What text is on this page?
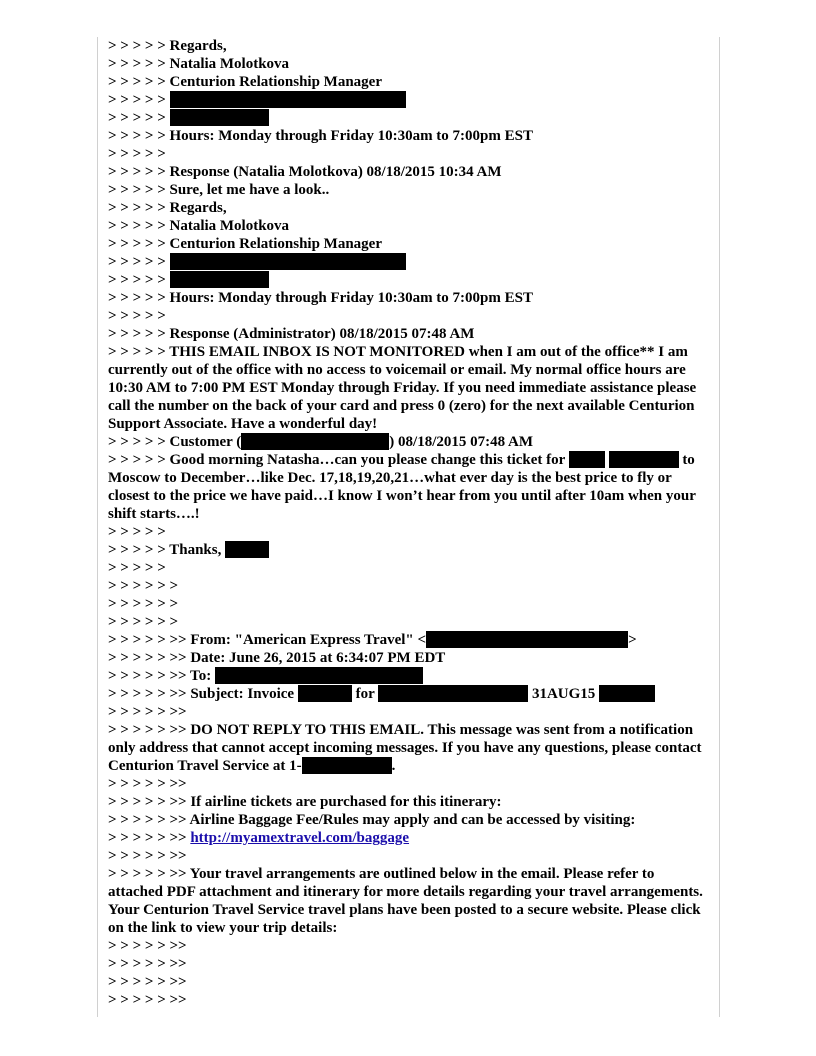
> > > > > Regards,
> > > > > Natalia Molotkova
> > > > > Centurion Relationship Manager
> > > > >
> > > > >
> > > > > Hours: Monday through Friday 10:30am to 7:00pm EST
> > > > >
> > > > > Response (Natalia Molotkova) 08/18/2015 10:34 AM
> > > > > Sure, let me have a look..
> > > > > Regards,
> > > > > Natalia Molotkova
> > > > > Centurion Relationship Manager
> > > > >
> > > > >
> > > > > Hours: Monday through Friday 10:30am to 7:00pm EST
> > > > >
> > > > > Response (Administrator) 08/18/2015 07:48 AM
> > > > > THIS EMAIL INBOX IS NOT MONITORED when I am out of the office** I am currently out of the office with no access to voicemail or email. My normal office hours are 10:30 AM to 7:00 PM EST Monday through Friday. If you need immediate assistance please call the number on the back of your card and press 0 (zero) for the next available Centurion Support Associate. Have a wonderful day!
> > > > > Customer (	) 08/18/2015 07:48 AM
> > > > > Good morning Natasha…can you please change this ticket for	to Moscow to December…like Dec. 17,18,19,20,21…what ever day is the best price to fly or closest to the price we have paid…I know I won’t hear from you until after 10am when your shift starts….!
> > > > >
> > > > > Thanks,
> > > > >
> > > > > >
> > > > > >
> > > > > >
> > > > > >> From: "American Express Travel" <	>
> > > > > >> Date: June 26, 2015 at 6:34:07 PM EDT
> > > > > >> To:
> > > > > >> Subject: Invoice	for	31AUG15
> > > > > >>
> > > > > >> DO NOT REPLY TO THIS EMAIL. This message was sent from a notification only address that cannot accept incoming messages. If you have any questions, please contact Centurion Travel Service at 1-	.
> > > > > >>
> > > > > >> If airline tickets are purchased for this itinerary:
> > > > > >> Airline Baggage Fee/Rules may apply and can be accessed by visiting:
> > > > > >> http://myamextravel.com/baggage
> > > > > >>
> > > > > >> Your travel arrangements are outlined below in the email. Please refer to attached PDF attachment and itinerary for more details regarding your travel arrangements. Your Centurion Travel Service travel plans have been posted to a secure website. Please click on the link to view your trip details:
> > > > > >>
> > > > > >>
> > > > > >>
> > > > > >>
